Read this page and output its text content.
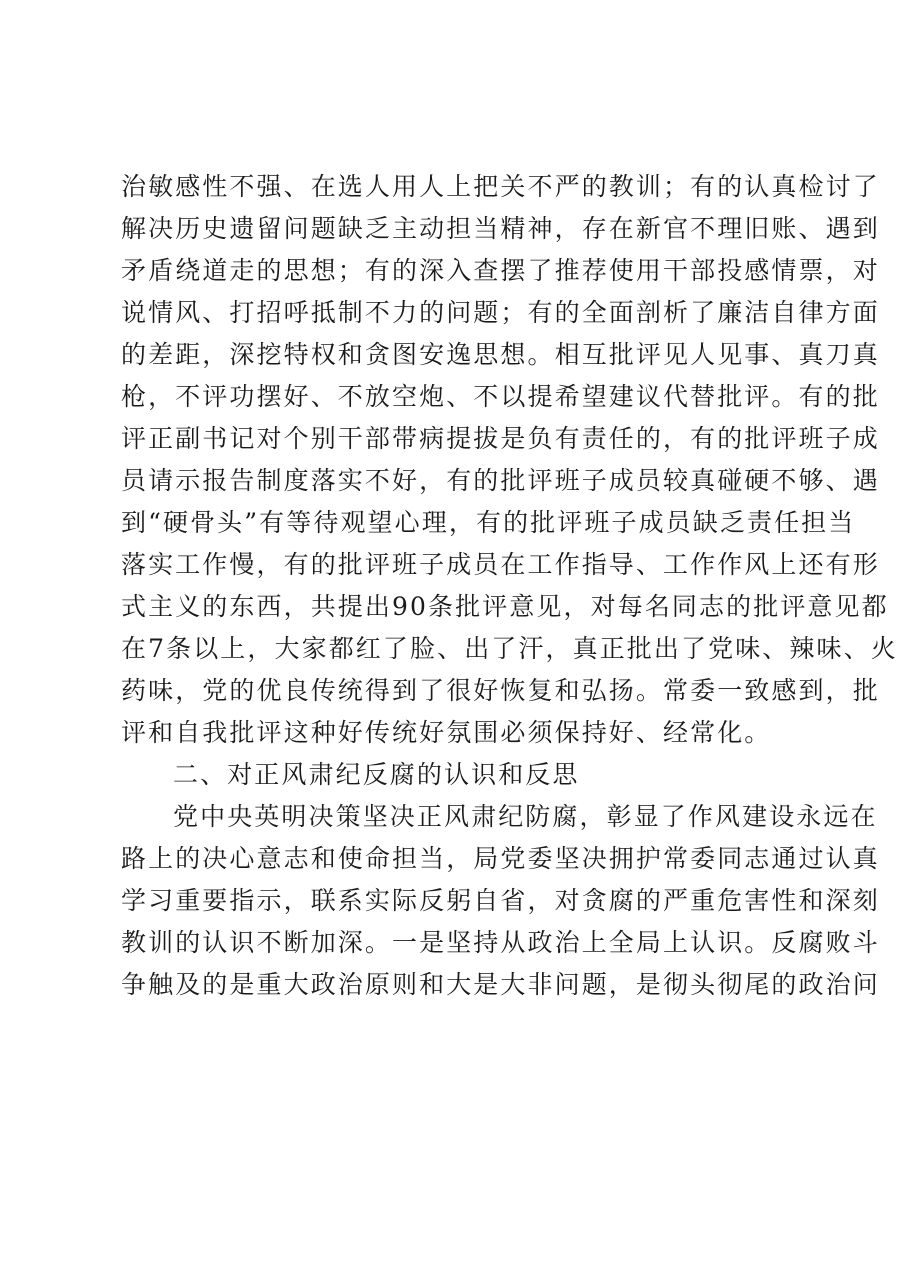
治敏感性不强、在选人用人上把关不严的教训；有的认真检讨了
解决历史遗留问题缺乏主动担当精神，存在新官不理旧账、遇到
矛盾绕道走的思想；有的深入查摆了推荐使用干部投感情票，对
说情风、打招呼抵制不力的问题；有的全面剖析了廉洁自律方面
的差距，深挖特权和贪图安逸思想。相互批评见人见事、真刀真
枪，不评功摆好、不放空炮、不以提希望建议代替批评。有的批
评正副书记对个别干部带病提拔是负有责任的，有的批评班子成
员请示报告制度落实不好，有的批评班子成员较真碰硬不够、遇
到“硬骨头”有等待观望心理，有的批评班子成员缺乏责任担当
落实工作慢，有的批评班子成员在工作指导、工作作风上还有形
式主义的东西，共提出90条批评意见，对每名同志的批评意见都
在7条以上，大家都红了脸、出了汗，真正批出了党味、辣味、火
药味，党的优良传统得到了很好恢复和弘扬。常委一致感到，批
评和自我批评这种好传统好氛围必须保持好、经常化。
二、对正风肃纪反腐的认识和反思
党中央英明决策坚决正风肃纪防腐，彰显了作风建设永远在
路上的决心意志和使命担当，局党委坚决拥护常委同志通过认真
学习重要指示，联系实际反躬自省，对贪腐的严重危害性和深刻
教训的认识不断加深。一是坚持从政治上全局上认识。反腐败斗
争触及的是重大政治原则和大是大非问题，是彻头彻尾的政治问
